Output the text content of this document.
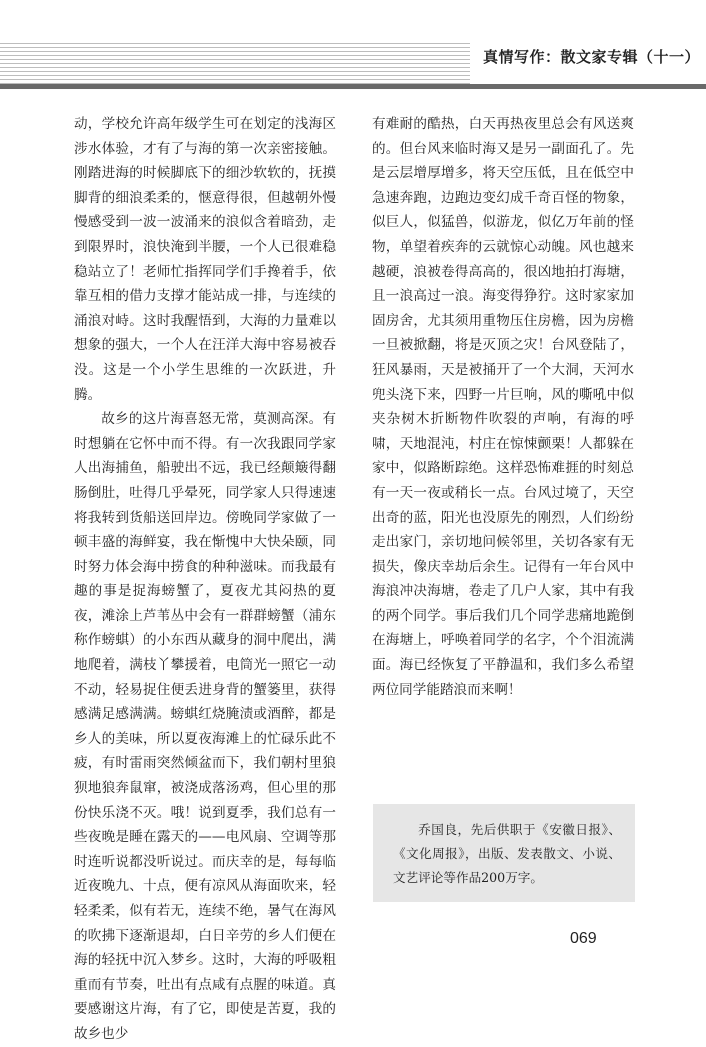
真情写作：散文家专辑（十一）

动，学校允许高年级学生可在划定的浅海区涉水体验，才有了与海的第一次亲密接触。刚踏进海的时候脚底下的细沙软软的，抚摸脚背的细浪柔柔的，惬意得很，但越朝外慢慢感受到一波一波涌来的浪似含着暗劲，走到限界时，浪快淹到半腰，一个人已很难稳稳站立了！老师忙指挥同学们手搀着手，依靠互相的借力支撑才能站成一排，与连续的涌浪对峙。这时我醒悟到，大海的力量难以想象的强大，一个人在汪洋大海中容易被吞没。这是一个小学生思维的一次跃进，升腾。

故乡的这片海喜怒无常，莫测高深。有时想躺在它怀中而不得。有一次我跟同学家人出海捕鱼，船驶出不远，我已经颠簸得翻肠倒肚，吐得几乎晕死，同学家人只得速速将我转到货船送回岸边。傍晚同学家做了一顿丰盛的海鲜宴，我在惭愧中大快朵颐，同时努力体会海中捞食的种种滋味。而我最有趣的事是捉海螃蟹了，夏夜尤其闷热的夏夜，滩涂上芦苇丛中会有一群群螃蟹（浦东称作螃蜞）的小东西从藏身的洞中爬出，满地爬着，满枝丫攀援着，电筒光一照它一动不动，轻易捉住便丢进身背的蟹篓里，获得感满足感满满。螃蜞红烧腌渍或酒醉，都是乡人的美味，所以夏夜海滩上的忙碌乐此不疲，有时雷雨突然倾盆而下，我们朝村里狼狈地狼奔鼠窜，被浇成落汤鸡，但心里的那份快乐浇不灭。哦！说到夏季，我们总有一些夜晚是睡在露天的——电风扇、空调等那时连听说都没听说过。而庆幸的是，每每临近夜晚九、十点，便有凉风从海面吹来，轻轻柔柔，似有若无，连续不绝，暑气在海风的吹拂下逐渐退却，白日辛劳的乡人们便在海的轻抚中沉入梦乡。这时，大海的呼吸粗重而有节奏，吐出有点咸有点腥的味道。真要感谢这片海，有了它，即使是苦夏，我的故乡也少

有难耐的酷热，白天再热夜里总会有风送爽的。但台风来临时海又是另一副面孔了。先是云层增厚增多，将天空压低，且在低空中急速奔跑，边跑边变幻成千奇百怪的物象，似巨人，似猛兽，似游龙，似亿万年前的怪物，单望着疾奔的云就惊心动魄。风也越来越硬，浪被卷得高高的，很凶地拍打海塘，且一浪高过一浪。海变得狰狞。这时家家加固房舍，尤其须用重物压住房檐，因为房檐一旦被掀翻，将是灭顶之灾！台风登陆了，狂风暴雨，天是被捅开了一个大洞，天河水兜头浇下来，四野一片巨响，风的嘶吼中似夹杂树木折断物件吹裂的声响，有海的呼啸，天地混沌，村庄在惊悚颤栗！人都躲在家中，似路断踪绝。这样恐怖难捱的时刻总有一天一夜或稍长一点。台风过境了，天空出奇的蓝，阳光也没原先的刚烈，人们纷纷走出家门，亲切地问候邻里，关切各家有无损失，像庆幸劫后余生。记得有一年台风中海浪冲决海塘，卷走了几户人家，其中有我的两个同学。事后我们几个同学悲痛地跪倒在海塘上，呼唤着同学的名字，个个泪流满面。海已经恢复了平静温和，我们多么希望两位同学能踏浪而来啊！

乔国良，先后供职于《安徽日报》、《文化周报》，出版、发表散文、小说、文艺评论等作品200万字。
069
